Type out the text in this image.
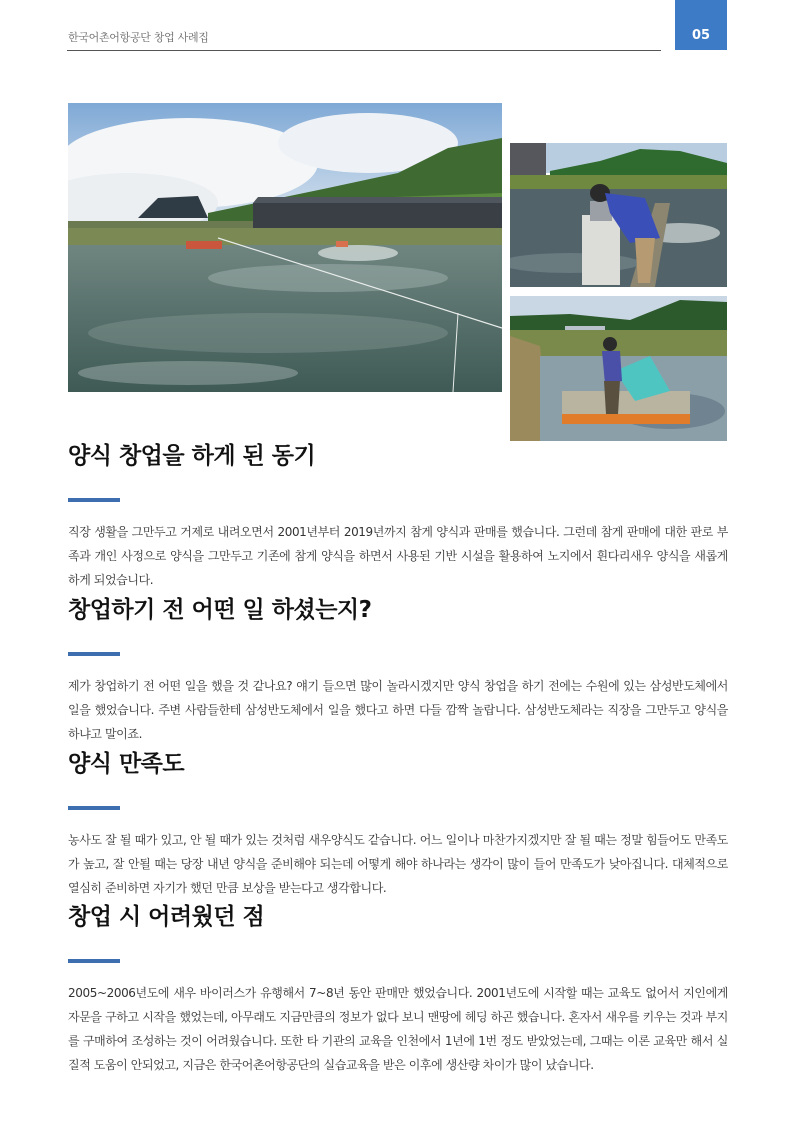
한국어촌어항공단 창업 사례집	05
양식 창업을 하게 된 동기

직장 생활을 그만두고 거제로 내려오면서 2001년부터 2019년까지 참게 양식과 판매를 했습니다. 그런데 참게 판매에 대한 판로 부족과 개인 사정으로 양식을 그만두고 기존에 참게 양식을 하면서 사용된 기반 시설을 활용하여 노지에서 흰다리새우 양식을 새롭게 하게 되었습니다.

창업하기 전 어떤 일 하셨는지?

제가 창업하기 전 어떤 일을 했을 것 같나요? 얘기 들으면 많이 놀라시겠지만 양식 창업을 하기 전에는 수원에 있는 삼성반도체에서 일을 했었습니다. 주변 사람들한테 삼성반도체에서 일을 했다고 하면 다들 깜짝 놀랍니다. 삼성반도체라는 직장을 그만두고 양식을 하냐고 말이죠.

양식 만족도

농사도 잘 될 때가 있고, 안 될 때가 있는 것처럼 새우양식도 같습니다. 어느 일이나 마찬가지겠지만 잘 될 때는 정말 힘들어도 만족도가 높고, 잘 안될 때는 당장 내년 양식을 준비해야 되는데 어떻게 해야 하나라는 생각이 많이 들어 만족도가 낮아집니다. 대체적으로 열심히 준비하면 자기가 했던 만큼 보상을 받는다고 생각합니다.

창업 시 어려웠던 점

2005~2006년도에 새우 바이러스가 유행해서 7~8년 동안 판매만 했었습니다. 2001년도에 시작할 때는 교육도 없어서 지인에게 자문을 구하고 시작을 했었는데, 아무래도 지금만큼의 정보가 없다 보니 맨땅에 헤딩 하곤 했습니다. 혼자서 새우를 키우는 것과 부지를 구매하여 조성하는 것이 어려웠습니다. 또한 타 기관의 교육을 인천에서 1년에 1번 정도 받았었는데, 그때는 이론 교육만 해서 실질적 도움이 안되었고, 지금은 한국어촌어항공단의 실습교육을 받은 이후에 생산량 차이가 많이 났습니다.
